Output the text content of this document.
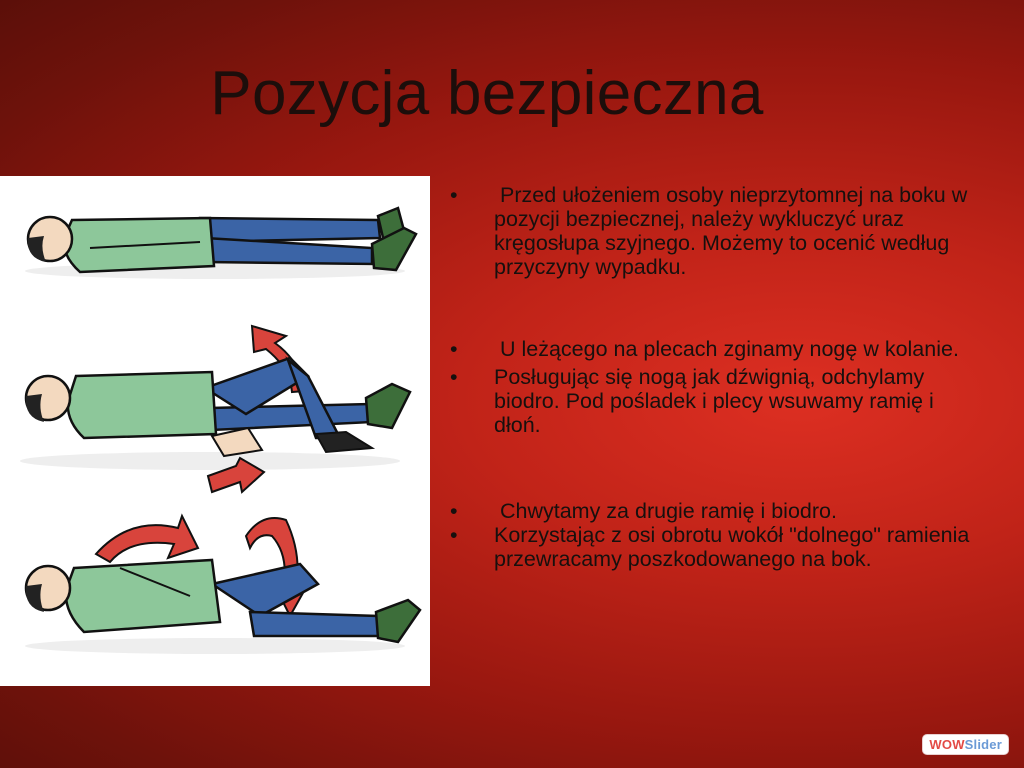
Pozycja bezpieczna
•	Przed ułożeniem osoby nieprzytomnej na boku w pozycji bezpiecznej, należy wykluczyć uraz kręgosłupa szyjnego. Możemy to ocenić według przyczyny wypadku.
•	U leżącego na plecach zginamy nogę w kolanie.
•	Posługując się nogą jak dźwignią, odchylamy biodro. Pod pośladek i plecy wsuwamy ramię i dłoń.
•	Chwytamy za drugie ramię i biodro.
•	Korzystając z osi obrotu wokół "dolnego" ramienia przewracamy poszkodowanego na bok.
WOWSlider
